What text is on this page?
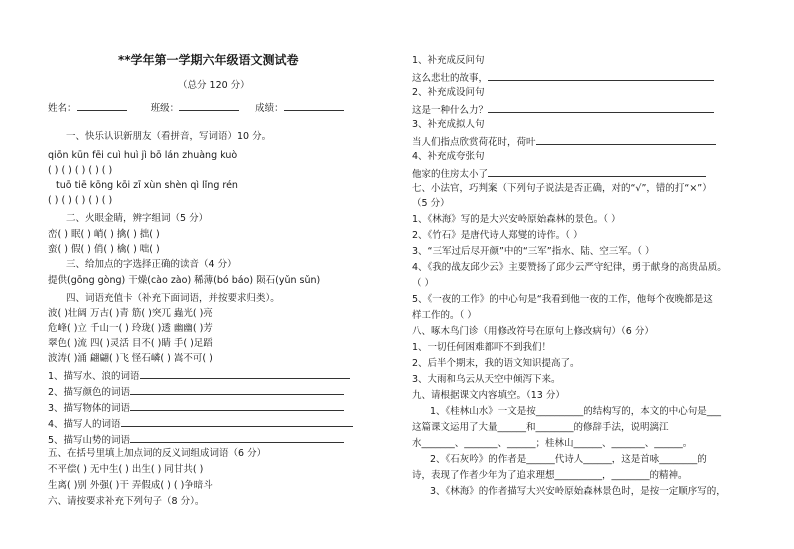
**学年第一学期六年级语文测试卷
（总分 120 分）
姓名：	班级：	成绩：
一、快乐认识新朋友（看拼音，写词语）10 分。
qiōn kūn fēi cuì huì jì bō lán zhuàng kuò
( ) ( ) ( ) ( ) ( )
tuō tiē kōng kōi zī xùn shèn qì lǐng rén
( ) ( ) ( ) ( ) ( )
二、火眼金睛，辨字组词（5 分）
峦( ) 眠( ) 峭( ) 擒( ) 拙( )
蛮( ) 假( ) 俏( ) 檎( ) 咄( )
三、给加点的字选择正确的读音（4 分）
提供(gōng gòng) 干燥(cào zào) 稀薄(bó báo) 陨石(yǔn sǔn)
四、词语充值卡（补充下面词语，并按要求归类）。
波( )壮阔 万古( )青 筋( )突兀 蟲光( )亮
危峰( )立 千山一( ) 玲珑( )透 幽幽( )芳
翠色( )流 四( )灵活 目不( )睛 手( )足蹈
波涛( )涌 翩翩( )飞 怪石嶙( ) 嵩不可( )
1、描写水、浪的词语
2、描写颜色的词语
3、描写物体的词语
4、描写人的词语
5、描写山势的词语
五、在括号里填上加点词的反义词组成词语（6 分）
不平偿( ) 无中生( ) 出生( ) 同甘共( )
生离( )别 外强( )干 弄假成( ) ( )争暗斗
六、请按要求补充下列句子（8 分）。
1、补充成反问句
这么悲壮的故事，
2、补充成设问句
这是一种什么力？
3、补充成拟人句
当人们指点欣赏荷花时，荷叶
4、补充成夸张句
他家的住房太小了
七、小法官，巧判案（下列句子说法是否正确，对的“√”，错的打“×”）
（5 分）
1、《林海》写的是大兴安岭原始森林的景色。（ ）
2、《竹石》是唐代诗人郑燮的诗作。（ ）
3、“三军过后尽开颜”中的“三军”指水、陆、空三军。（ ）
4、《我的战友邱少云》主要赞扬了邱少云严守纪律，勇于献身的高贵品质。
（ ）
5、《一夜的工作》的中心句是“我看到他一夜的工作，他每个夜晚都是这
样工作的。（ ）
八、啄木鸟门诊（用修改符号在原句上修改病句）（6 分）
1、一切任何困难都吓不到我们！
2、后半个期末，我的语文知识提高了。
3、大雨和乌云从天空中倾泻下来。
九、请根据课文内容填空。（13 分）
1、《桂林山水》一文是按__________的结构写的，本文的中心句是___
这篇课文运用了大量______和________的修辞手法，说明漓江
水_______、_______、______；桂林山______、_______、______。
2、《石灰吟》的作者是______代诗人______，这是首咏________的
诗，表现了作者少年为了追求理想__________，________的精神。
3、《林海》的作者描写大兴安岭原始森林景色时，是按一定顺序写的，
